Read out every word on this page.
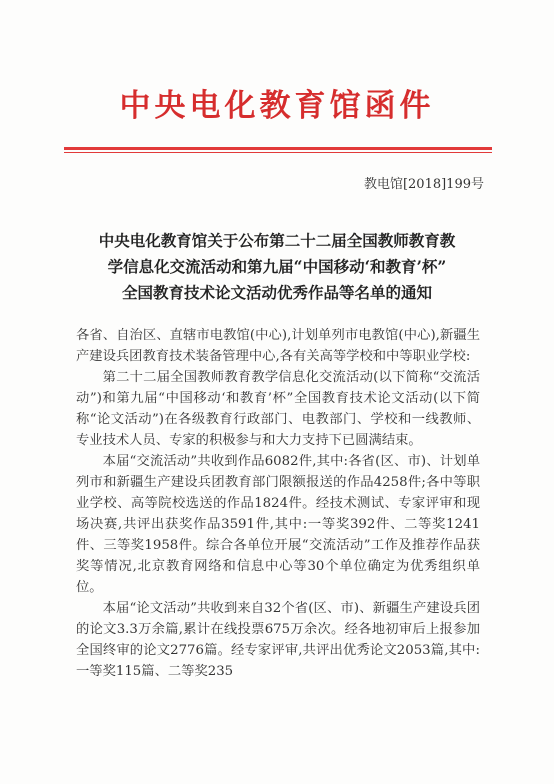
中央电化教育馆函件
教电馆[2018]199号
中央电化教育馆关于公布第二十二届全国教师教育教
学信息化交流活动和第九届“中国移动‘和教育’杯”
全国教育技术论文活动优秀作品等名单的通知

各省、自治区、直辖市电教馆(中心),计划单列市电教馆(中心),新疆生产建设兵团教育技术装备管理中心,各有关高等学校和中等职业学校:

第二十二届全国教师教育教学信息化交流活动(以下简称“交流活动”)和第九届“中国移动‘和教育’杯”全国教育技术论文活动(以下简称“论文活动”)在各级教育行政部门、电教部门、学校和一线教师、专业技术人员、专家的积极参与和大力支持下已圆满结束。

本届“交流活动”共收到作品6082件,其中:各省(区、市)、计划单列市和新疆生产建设兵团教育部门限额报送的作品4258件;各中等职业学校、高等院校选送的作品1824件。经技术测试、专家评审和现场决赛,共评出获奖作品3591件,其中:一等奖392件、二等奖1241件、三等奖1958件。综合各单位开展“交流活动”工作及推荐作品获奖等情况,北京教育网络和信息中心等30个单位确定为优秀组织单位。

本届“论文活动”共收到来自32个省(区、市)、新疆生产建设兵团的论文3.3万余篇,累计在线投票675万余次。经各地初审后上报参加全国终审的论文2776篇。经专家评审,共评出优秀论文2053篇,其中:一等奖115篇、二等奖235
